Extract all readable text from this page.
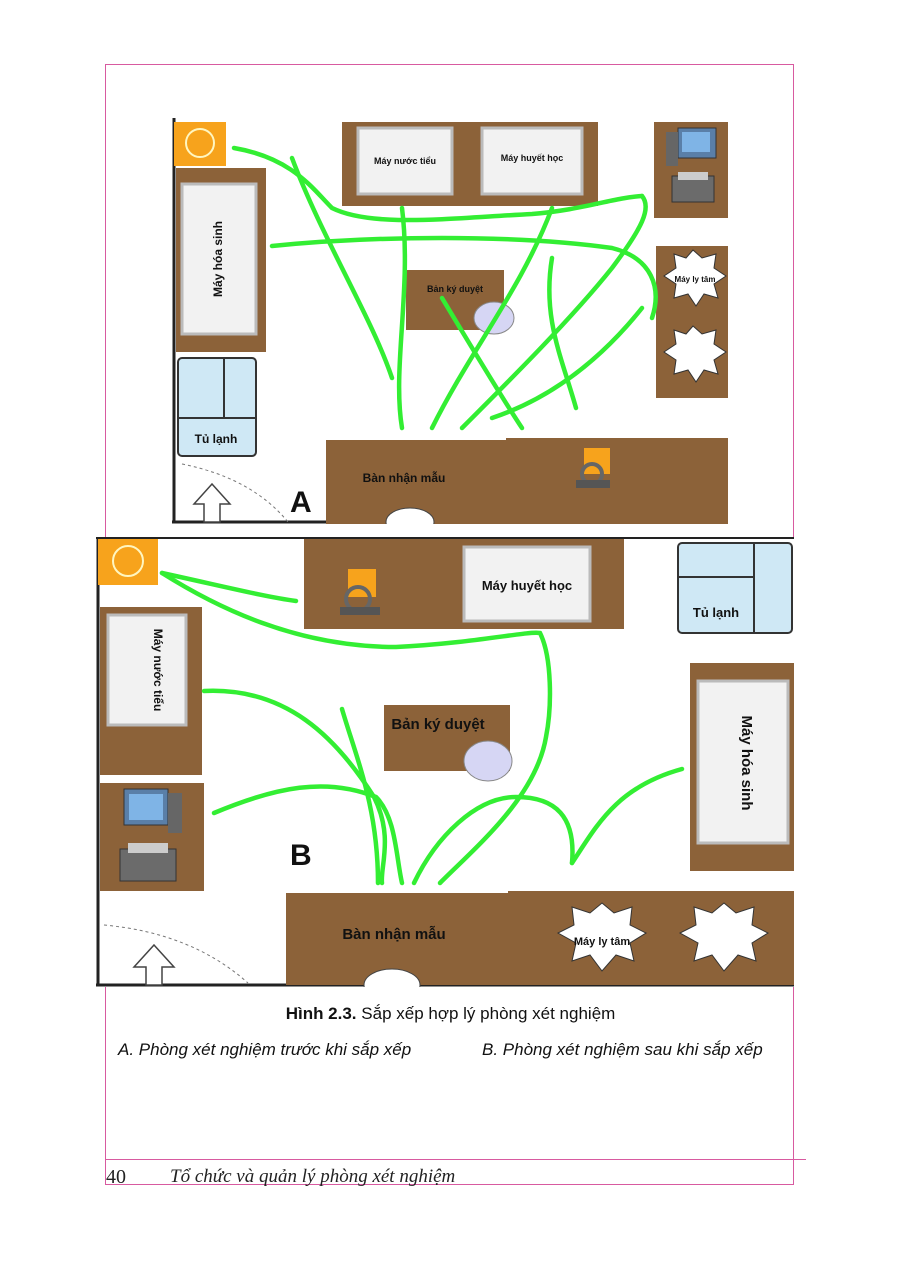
Máy nước tiểu	Máy huyết học
Máy hóa sinh
Tủ lạnh
Bản ký duyệt
Máy ly tâm
Bàn nhận mẫu
A
Máy huyết học
Tủ lạnh
Máy nước tiểu
Bản ký duyệt	Máy hóa sinh
Bàn nhận mẫu	Máy ly tâm
B
Hình 2.3. Sắp xếp hợp lý phòng xét nghiệm
A. Phòng xét nghiệm trước khi sắp xếp	B. Phòng xét nghiệm sau khi sắp xếp
40 Tổ chức và quản lý phòng xét nghiệm
